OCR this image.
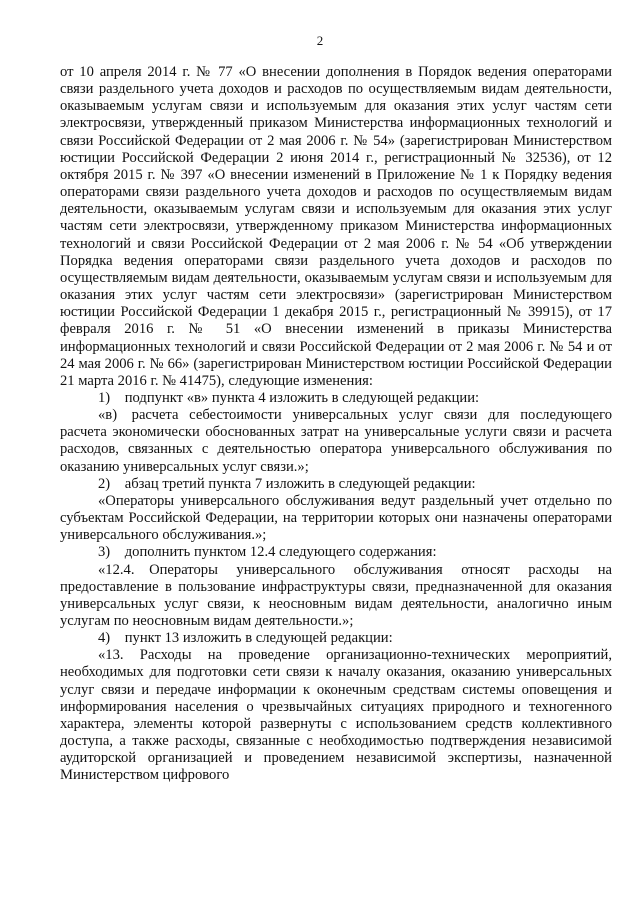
2

от 10 апреля 2014 г. № 77 «О внесении дополнения в Порядок ведения операторами связи раздельного учета доходов и расходов по осуществляемым видам деятельности, оказываемым услугам связи и используемым для оказания этих услуг частям сети электросвязи, утвержденный приказом Министерства информационных технологий и связи Российской Федерации от 2 мая 2006 г. № 54» (зарегистрирован Министерством юстиции Российской Федерации 2 июня 2014 г., регистрационный № 32536), от 12 октября 2015 г. № 397 «О внесении изменений в Приложение № 1 к Порядку ведения операторами связи раздельного учета доходов и расходов по осуществляемым видам деятельности, оказываемым услугам связи и используемым для оказания этих услуг частям сети электросвязи, утвержденному приказом Министерства информационных технологий и связи Российской Федерации от 2 мая 2006 г. № 54 «Об утверждении Порядка ведения операторами связи раздельного учета доходов и расходов по осуществляемым видам деятельности, оказываемым услугам связи и используемым для оказания этих услуг частям сети электросвязи» (зарегистрирован Министерством юстиции Российской Федерации 1 декабря 2015 г., регистрационный № 39915), от 17 февраля 2016 г. № 51 «О внесении изменений в приказы Министерства информационных технологий и связи Российской Федерации от 2 мая 2006 г. № 54 и от 24 мая 2006 г. № 66» (зарегистрирован Министерством юстиции Российской Федерации 21 марта 2016 г. № 41475), следующие изменения:

1) подпункт «в» пункта 4 изложить в следующей редакции:

«в) расчета себестоимости универсальных услуг связи для последующего расчета экономически обоснованных затрат на универсальные услуги связи и расчета расходов, связанных с деятельностью оператора универсального обслуживания по оказанию универсальных услуг связи.»;

2) абзац третий пункта 7 изложить в следующей редакции:

«Операторы универсального обслуживания ведут раздельный учет отдельно по субъектам Российской Федерации, на территории которых они назначены операторами универсального обслуживания.»;

3) дополнить пунктом 12.4 следующего содержания:

«12.4. Операторы универсального обслуживания относят расходы на предоставление в пользование инфраструктуры связи, предназначенной для оказания универсальных услуг связи, к неосновным видам деятельности, аналогично иным услугам по неосновным видам деятельности.»;

4) пункт 13 изложить в следующей редакции:

«13. Расходы на проведение организационно-технических мероприятий, необходимых для подготовки сети связи к началу оказания, оказанию универсальных услуг связи и передаче информации к оконечным средствам системы оповещения и информирования населения о чрезвычайных ситуациях природного и техногенного характера, элементы которой развернуты с использованием средств коллективного доступа, а также расходы, связанные с необходимостью подтверждения независимой аудиторской организацией и проведением независимой экспертизы, назначенной Министерством цифрового
